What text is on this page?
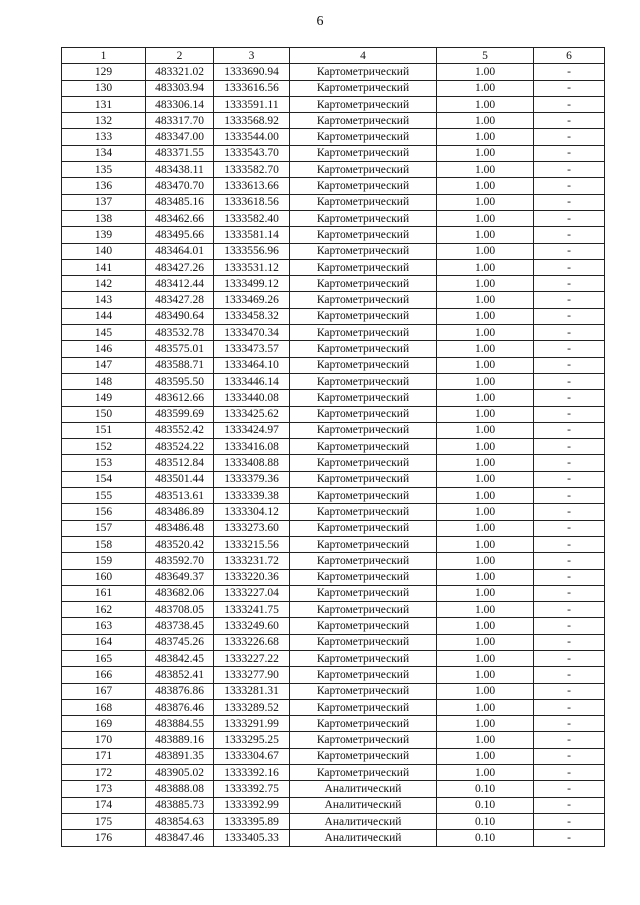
6
1	2	3	4	5	6
129	483321.02	1333690.94	Картометрический	1.00	-
130	483303.94	1333616.56	Картометрический	1.00	-
131	483306.14	1333591.11	Картометрический	1.00	-
132	483317.70	1333568.92	Картометрический	1.00	-
133	483347.00	1333544.00	Картометрический	1.00	-
134	483371.55	1333543.70	Картометрический	1.00	-
135	483438.11	1333582.70	Картометрический	1.00	-
136	483470.70	1333613.66	Картометрический	1.00	-
137	483485.16	1333618.56	Картометрический	1.00	-
138	483462.66	1333582.40	Картометрический	1.00	-
139	483495.66	1333581.14	Картометрический	1.00	-
140	483464.01	1333556.96	Картометрический	1.00	-
141	483427.26	1333531.12	Картометрический	1.00	-
142	483412.44	1333499.12	Картометрический	1.00	-
143	483427.28	1333469.26	Картометрический	1.00	-
144	483490.64	1333458.32	Картометрический	1.00	-
145	483532.78	1333470.34	Картометрический	1.00	-
146	483575.01	1333473.57	Картометрический	1.00	-
147	483588.71	1333464.10	Картометрический	1.00	-
148	483595.50	1333446.14	Картометрический	1.00	-
149	483612.66	1333440.08	Картометрический	1.00	-
150	483599.69	1333425.62	Картометрический	1.00	-
151	483552.42	1333424.97	Картометрический	1.00	-
152	483524.22	1333416.08	Картометрический	1.00	-
153	483512.84	1333408.88	Картометрический	1.00	-
154	483501.44	1333379.36	Картометрический	1.00	-
155	483513.61	1333339.38	Картометрический	1.00	-
156	483486.89	1333304.12	Картометрический	1.00	-
157	483486.48	1333273.60	Картометрический	1.00	-
158	483520.42	1333215.56	Картометрический	1.00	-
159	483592.70	1333231.72	Картометрический	1.00	-
160	483649.37	1333220.36	Картометрический	1.00	-
161	483682.06	1333227.04	Картометрический	1.00	-
162	483708.05	1333241.75	Картометрический	1.00	-
163	483738.45	1333249.60	Картометрический	1.00	-
164	483745.26	1333226.68	Картометрический	1.00	-
165	483842.45	1333227.22	Картометрический	1.00	-
166	483852.41	1333277.90	Картометрический	1.00	-
167	483876.86	1333281.31	Картометрический	1.00	-
168	483876.46	1333289.52	Картометрический	1.00	-
169	483884.55	1333291.99	Картометрический	1.00	-
170	483889.16	1333295.25	Картометрический	1.00	-
171	483891.35	1333304.67	Картометрический	1.00	-
172	483905.02	1333392.16	Картометрический	1.00	-
173	483888.08	1333392.75	Аналитический	0.10	-
174	483885.73	1333392.99	Аналитический	0.10	-
175	483854.63	1333395.89	Аналитический	0.10	-
176	483847.46	1333405.33	Аналитический	0.10	-
